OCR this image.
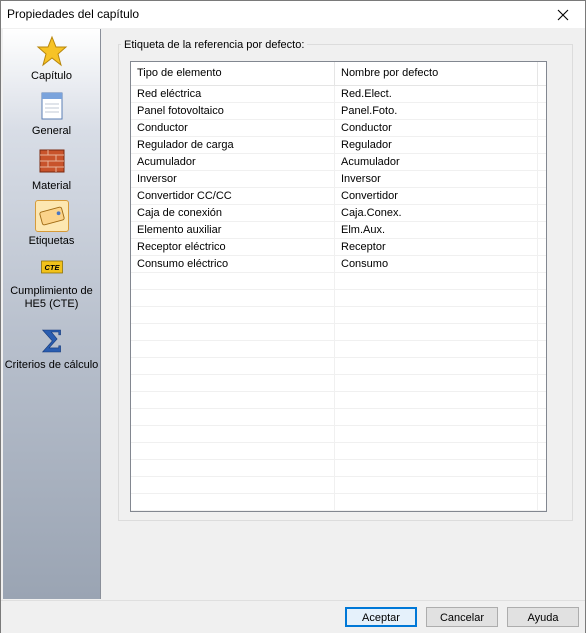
Propiedades del capítulo
Capítulo
General
Material
Etiquetas
CTE
Cumplimiento de HE5 (CTE)
Σ
Criterios de cálculo
Etiqueta de la referencia por defecto:
Tipo de elemento	Nombre por defecto
Red eléctrica	Red.Elect.
Panel fotovoltaico	Panel.Foto.
Conductor	Conductor
Regulador de carga	Regulador
Acumulador	Acumulador
Inversor	Inversor
Convertidor CC/CC	Convertidor
Caja de conexión	Caja.Conex.
Elemento auxiliar	Elm.Aux.
Receptor eléctrico	Receptor
Consumo eléctrico	Consumo
Aceptar	Cancelar	Ayuda
